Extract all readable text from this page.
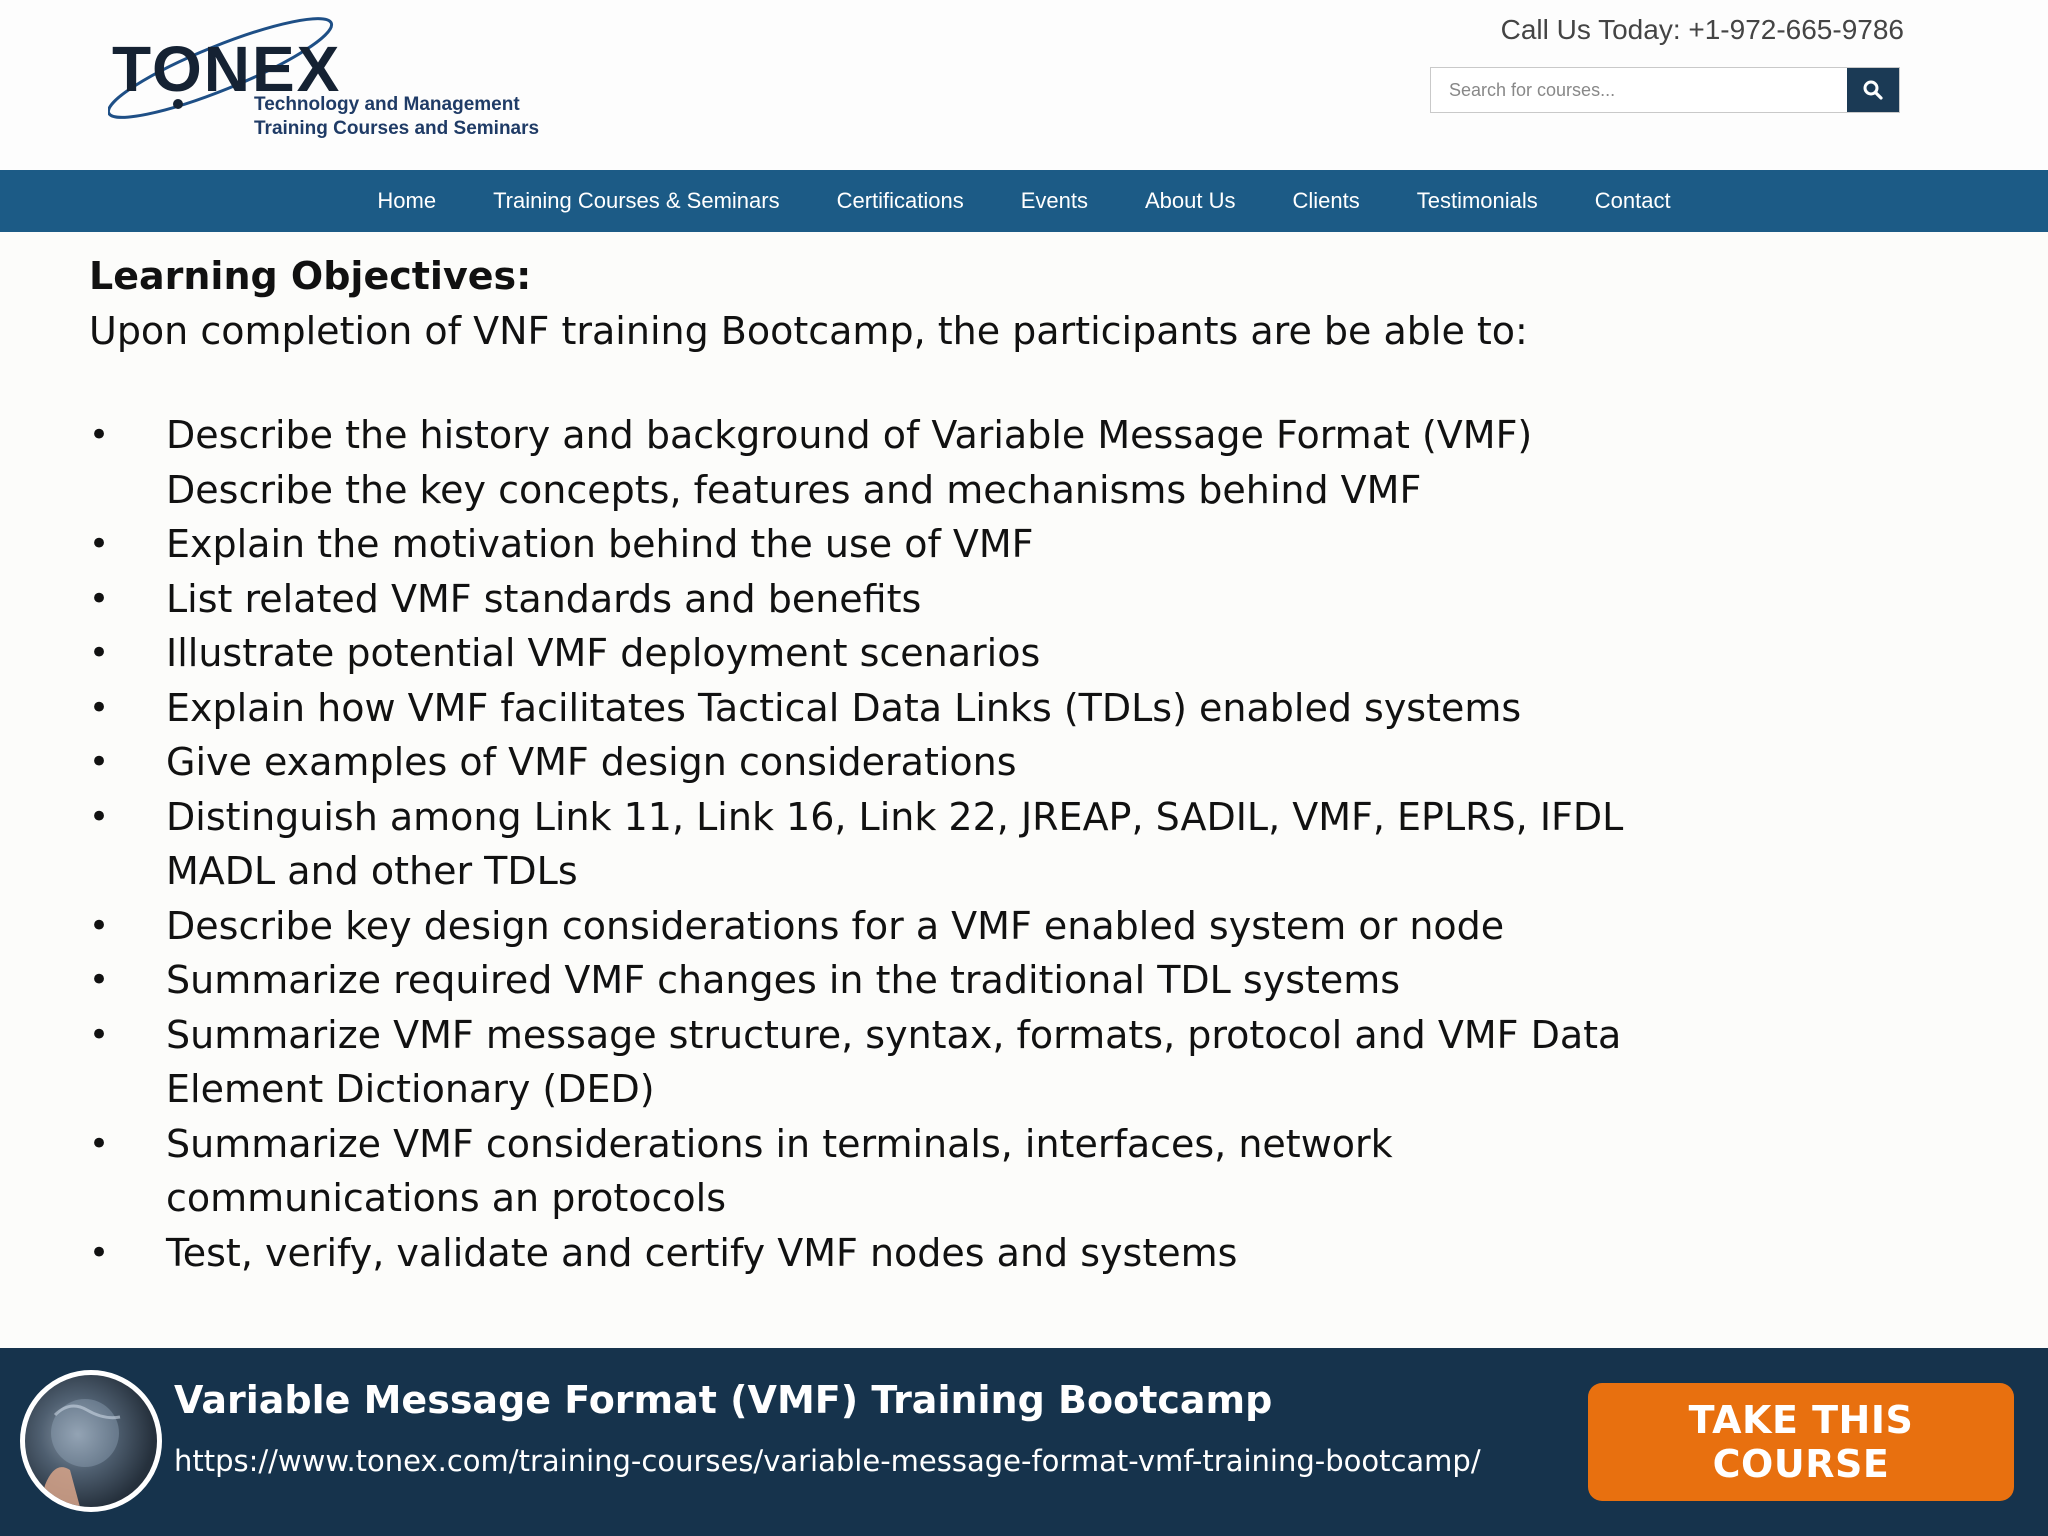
TONEX
Technology and Management
Training Courses and Seminars
Call Us Today: +1-972-665-9786
Search for courses...
Home	Training Courses & Seminars	Certifications	Events	About Us	Clients	Testimonials	Contact
Learning Objectives:
Upon completion of VNF training Bootcamp, the participants are be able to:
• Describe the history and background of Variable Message Format (VMF) Describe the key concepts, features and mechanisms behind VMF
• Explain the motivation behind the use of VMF
• List related VMF standards and benefits
• Illustrate potential VMF deployment scenarios
• Explain how VMF facilitates Tactical Data Links (TDLs) enabled systems
• Give examples of VMF design considerations
• Distinguish among Link 11, Link 16, Link 22, JREAP, SADIL, VMF, EPLRS, IFDL MADL and other TDLs
• Describe key design considerations for a VMF enabled system or node
• Summarize required VMF changes in the traditional TDL systems
• Summarize VMF message structure, syntax, formats, protocol and VMF Data Element Dictionary (DED)
• Summarize VMF considerations in terminals, interfaces, network communications an protocols
• Test, verify, validate and certify VMF nodes and systems
Variable Message Format (VMF) Training Bootcamp
https://www.tonex.com/training-courses/variable-message-format-vmf-training-bootcamp/
TAKE THIS COURSE
